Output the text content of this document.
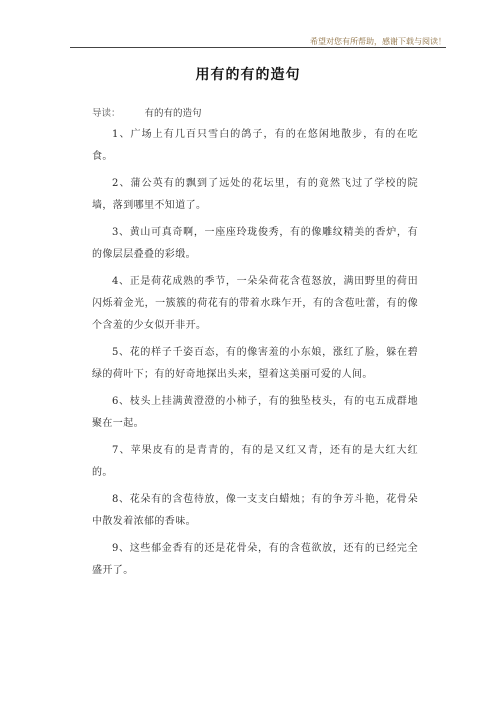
希望对您有所帮助，感谢下载与阅读！
用有的有的造句
导读：	有的有的造句

1、广场上有几百只雪白的鸽子，有的在悠闲地散步，有的在吃食。

2、蒲公英有的飘到了远处的花坛里，有的竟然飞过了学校的院墙，落到哪里不知道了。

3、黄山可真奇啊，一座座玲珑俊秀，有的像雕纹精美的香炉，有的像层层叠叠的彩缎。

4、正是荷花成熟的季节，一朵朵荷花含苞怒放，满田野里的荷田闪烁着金光，一簇簇的荷花有的带着水珠乍开，有的含苞吐蕾，有的像个含羞的少女似开非开。

5、花的样子千姿百态，有的像害羞的小东娘，涨红了脸，躲在碧绿的荷叶下；有的好奇地探出头来，望着这美丽可爱的人间。

6、枝头上挂满黄澄澄的小柿子，有的独坠枝头，有的屯五成群地聚在一起。

7、苹果皮有的是青青的，有的是又红又青，还有的是大红大红的。

8、花朵有的含苞待放，像一支支白蜡烛；有的争芳斗艳，花骨朵中散发着浓郁的香味。

9、这些郁金香有的还是花骨朵，有的含苞欲放，还有的已经完全盛开了。
